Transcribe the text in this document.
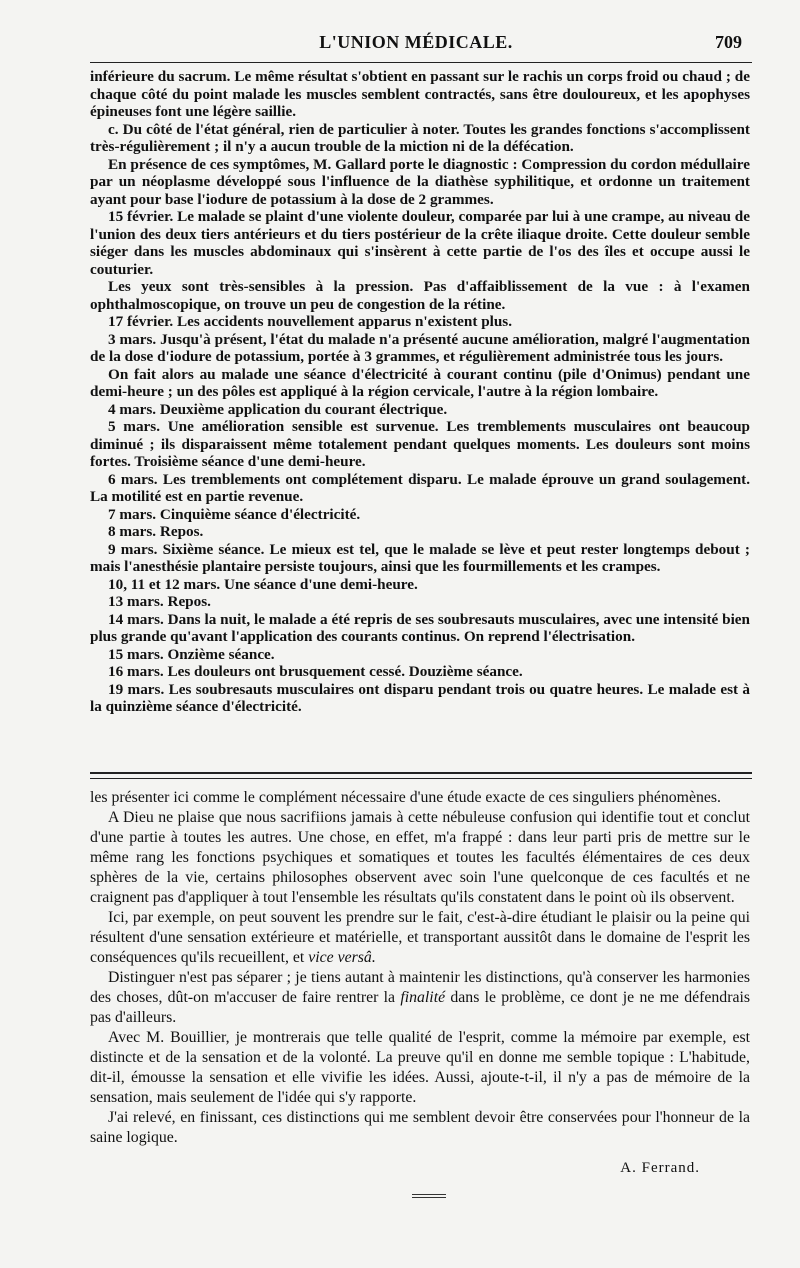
L'UNION MÉDICALE.	709

inférieure du sacrum. Le même résultat s'obtient en passant sur le rachis un corps froid ou chaud ; de chaque côté du point malade les muscles semblent contractés, sans être douloureux, et les apophyses épineuses font une légère saillie.

c. Du côté de l'état général, rien de particulier à noter. Toutes les grandes fonctions s'accomplissent très-régulièrement ; il n'y a aucun trouble de la miction ni de la défécation.

En présence de ces symptômes, M. Gallard porte le diagnostic : Compression du cordon médullaire par un néoplasme développé sous l'influence de la diathèse syphilitique, et ordonne un traitement ayant pour base l'iodure de potassium à la dose de 2 grammes.

15 février. Le malade se plaint d'une violente douleur, comparée par lui à une crampe, au niveau de l'union des deux tiers antérieurs et du tiers postérieur de la crête iliaque droite. Cette douleur semble siéger dans les muscles abdominaux qui s'insèrent à cette partie de l'os des îles et occupe aussi le couturier.

Les yeux sont très-sensibles à la pression. Pas d'affaiblissement de la vue : à l'examen ophthalmoscopique, on trouve un peu de congestion de la rétine.

17 février. Les accidents nouvellement apparus n'existent plus.

3 mars. Jusqu'à présent, l'état du malade n'a présenté aucune amélioration, malgré l'augmentation de la dose d'iodure de potassium, portée à 3 grammes, et régulièrement administrée tous les jours.

On fait alors au malade une séance d'électricité à courant continu (pile d'Onimus) pendant une demi-heure ; un des pôles est appliqué à la région cervicale, l'autre à la région lombaire.

4 mars. Deuxième application du courant électrique.

5 mars. Une amélioration sensible est survenue. Les tremblements musculaires ont beaucoup diminué ; ils disparaissent même totalement pendant quelques moments. Les douleurs sont moins fortes. Troisième séance d'une demi-heure.

6 mars. Les tremblements ont complétement disparu. Le malade éprouve un grand soulagement. La motilité est en partie revenue.

7 mars. Cinquième séance d'électricité.

8 mars. Repos.

9 mars. Sixième séance. Le mieux est tel, que le malade se lève et peut rester longtemps debout ; mais l'anesthésie plantaire persiste toujours, ainsi que les fourmillements et les crampes.

10, 11 et 12 mars. Une séance d'une demi-heure.

13 mars. Repos.

14 mars. Dans la nuit, le malade a été repris de ses soubresauts musculaires, avec une intensité bien plus grande qu'avant l'application des courants continus. On reprend l'électrisation.

15 mars. Onzième séance.

16 mars. Les douleurs ont brusquement cessé. Douzième séance.

19 mars. Les soubresauts musculaires ont disparu pendant trois ou quatre heures. Le malade est à la quinzième séance d'électricité.

les présenter ici comme le complément nécessaire d'une étude exacte de ces singuliers phénomènes.

A Dieu ne plaise que nous sacrifiions jamais à cette nébuleuse confusion qui identifie tout et conclut d'une partie à toutes les autres. Une chose, en effet, m'a frappé : dans leur parti pris de mettre sur le même rang les fonctions psychiques et somatiques et toutes les facultés élémentaires de ces deux sphères de la vie, certains philosophes observent avec soin l'une quelconque de ces facultés et ne craignent pas d'appliquer à tout l'ensemble les résultats qu'ils constatent dans le point où ils observent.

Ici, par exemple, on peut souvent les prendre sur le fait, c'est-à-dire étudiant le plaisir ou la peine qui résultent d'une sensation extérieure et matérielle, et transportant aussitôt dans le domaine de l'esprit les conséquences qu'ils recueillent, et vice versâ.

Distinguer n'est pas séparer ; je tiens autant à maintenir les distinctions, qu'à conserver les harmonies des choses, dût-on m'accuser de faire rentrer la finalité dans le problème, ce dont je ne me défendrais pas d'ailleurs.

Avec M. Bouillier, je montrerais que telle qualité de l'esprit, comme la mémoire par exemple, est distincte et de la sensation et de la volonté. La preuve qu'il en donne me semble topique : L'habitude, dit-il, émousse la sensation et elle vivifie les idées. Aussi, ajoute-t-il, il n'y a pas de mémoire de la sensation, mais seulement de l'idée qui s'y rapporte.

J'ai relevé, en finissant, ces distinctions qui me semblent devoir être conservées pour l'honneur de la saine logique.

A. Ferrand.
